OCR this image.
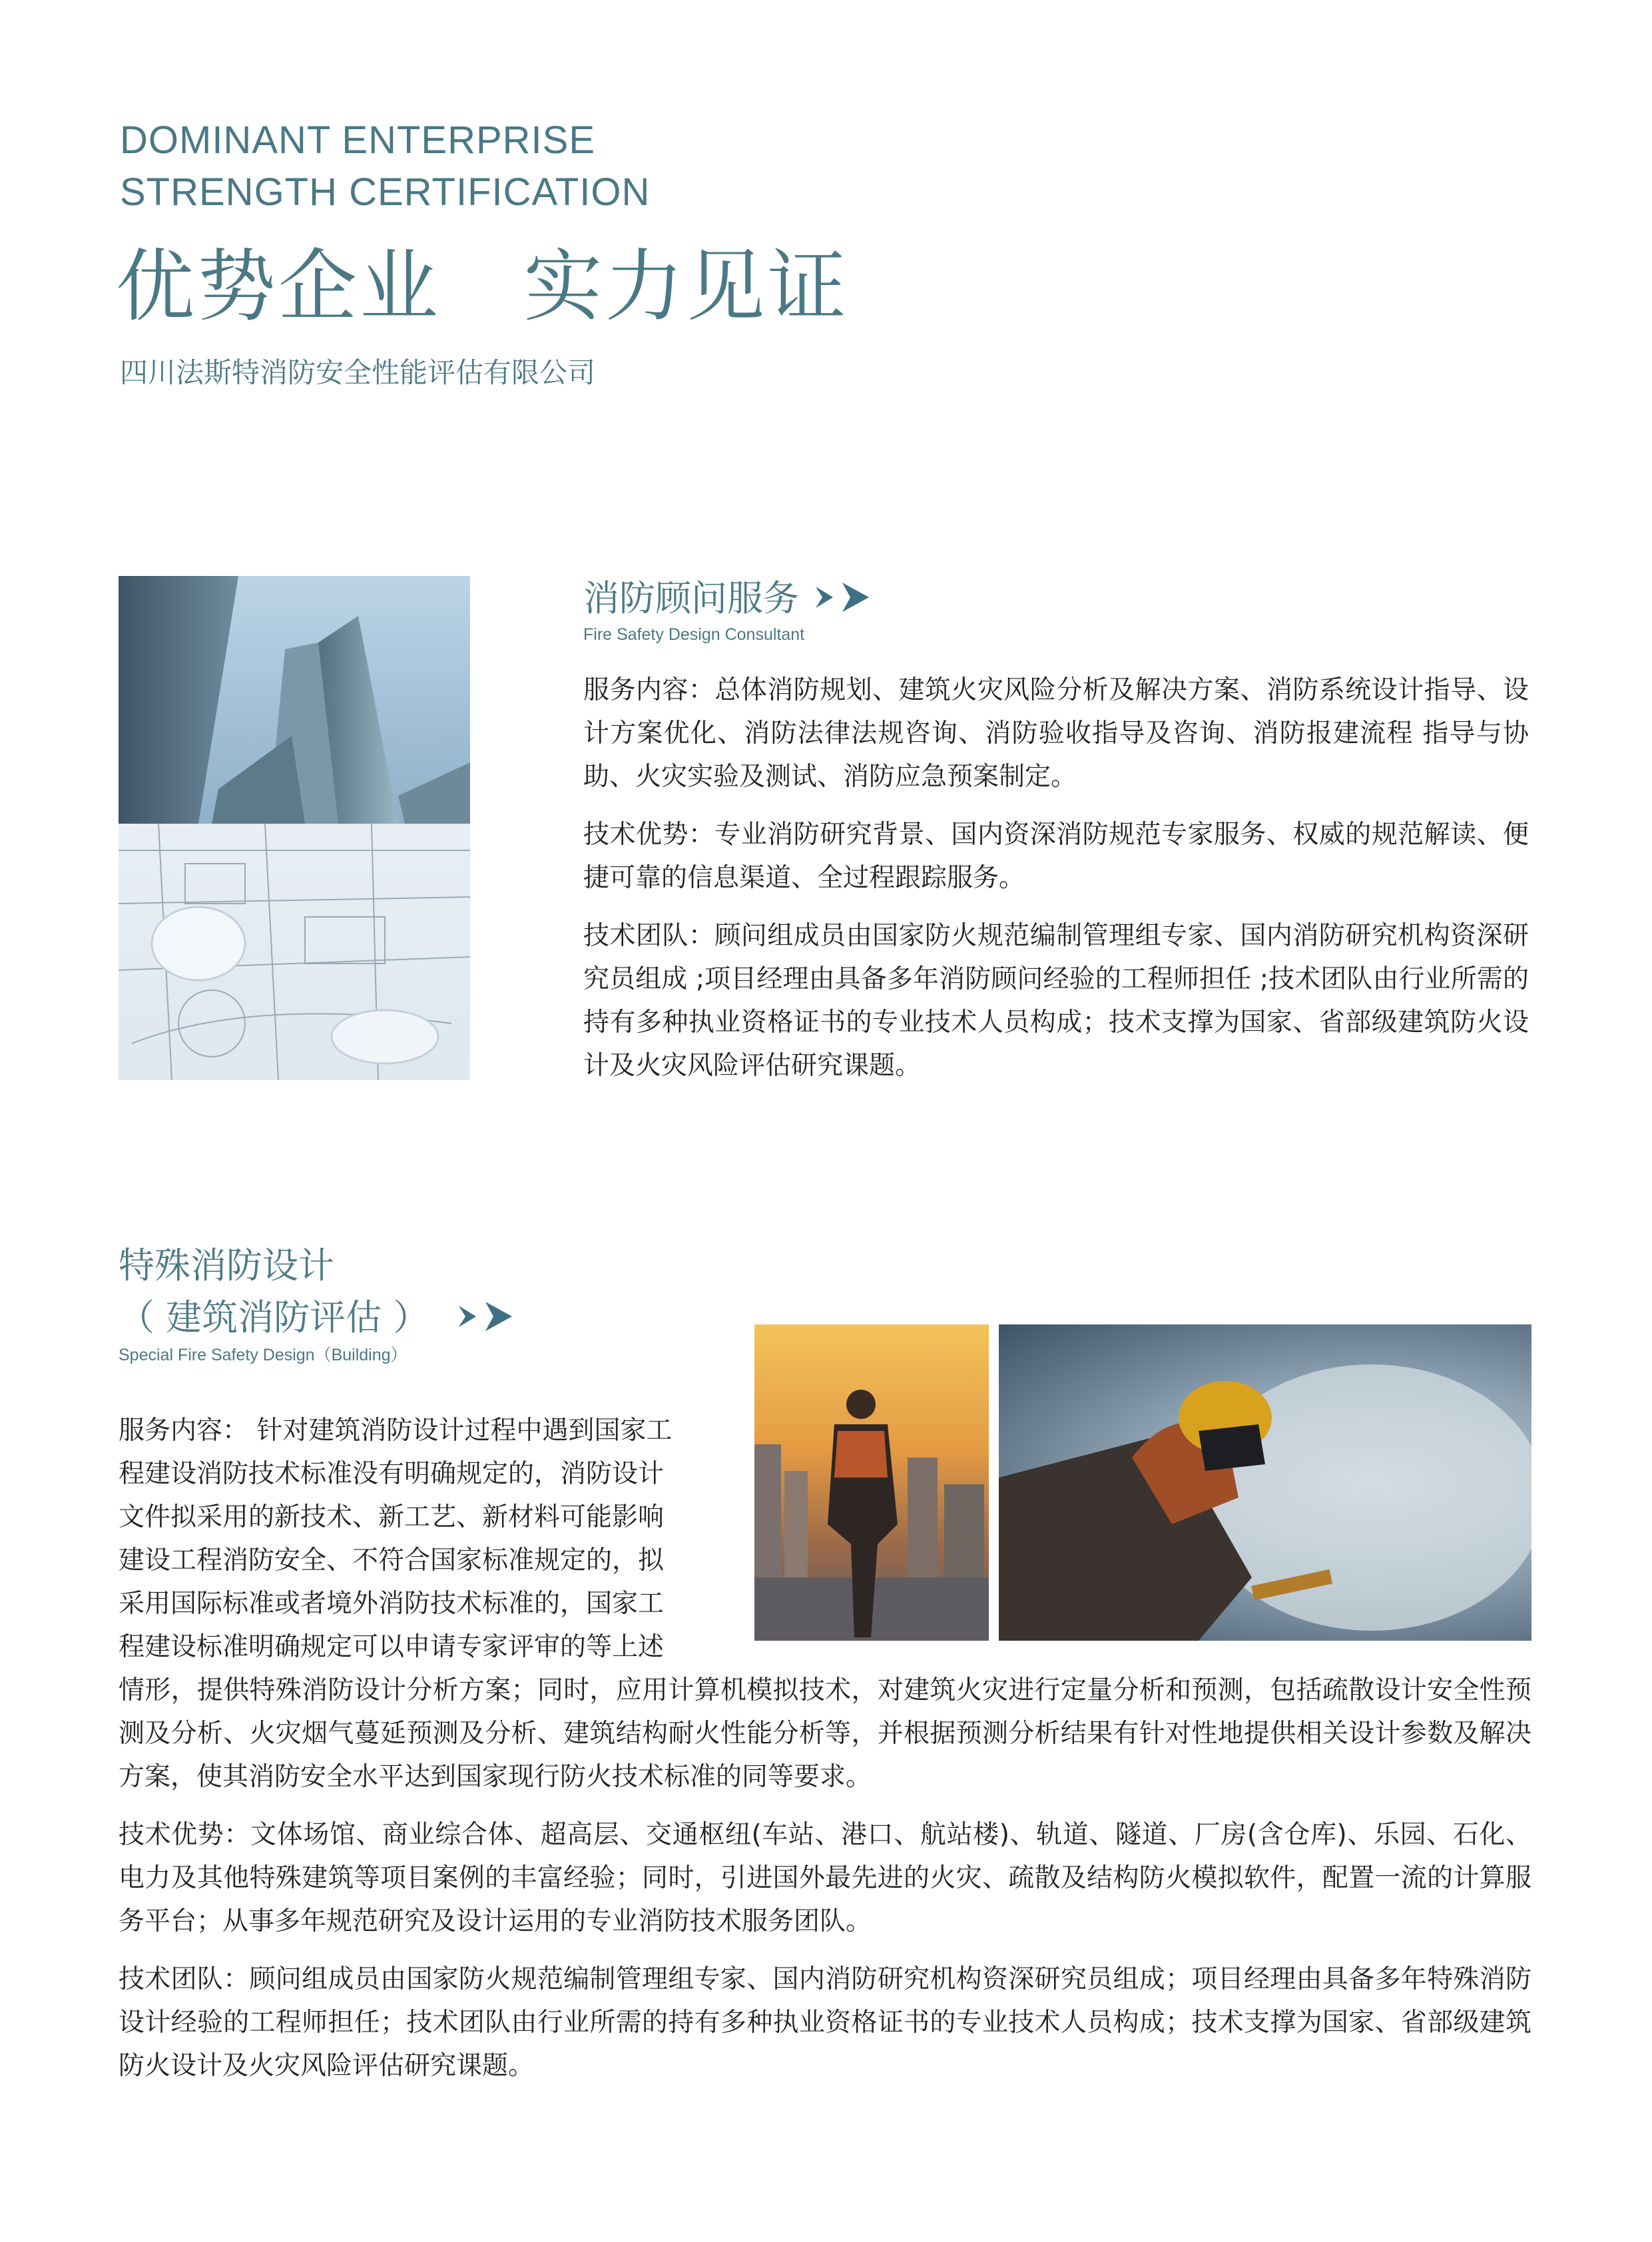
DOMINANT ENTERPRISE
STRENGTH CERTIFICATION
优势企业   实力见证
四川法斯特消防安全性能评估有限公司
消防顾问服务
Fire Safety Design Consultant

服务内容：总体消防规划、建筑火灾风险分析及解决方案、消防系统设计指导、设计方案优化、消防法律法规咨询、消防验收指导及咨询、消防报建流程 指导与协助、火灾实验及测试、消防应急预案制定。

技术优势：专业消防研究背景、国内资深消防规范专家服务、权威的规范解读、便捷可靠的信息渠道、全过程跟踪服务。

技术团队：顾问组成员由国家防火规范编制管理组专家、国内消防研究机构资深研究员组成 ;项目经理由具备多年消防顾问经验的工程师担任 ;技术团队由行业所需的持有多种执业资格证书的专业技术人员构成；技术支撑为国家、省部级建筑防火设计及火灾风险评估研究课题。

特殊消防设计
（ 建筑消防评估 ）
Special Fire Safety Design（Building）
服务内容： 针对建筑消防设计过程中遇到国家工
程建设消防技术标准没有明确规定的，消防设计
文件拟采用的新技术、新工艺、新材料可能影响
建设工程消防安全、不符合国家标准规定的，拟
采用国际标准或者境外消防技术标准的，国家工
程建设标准明确规定可以申请专家评审的等上述

情形，提供特殊消防设计分析方案；同时，应用计算机模拟技术，对建筑火灾进行定量分析和预测，包括疏散设计安全性预测及分析、火灾烟气蔓延预测及分析、建筑结构耐火性能分析等，并根据预测分析结果有针对性地提供相关设计参数及解决方案，使其消防安全水平达到国家现行防火技术标准的同等要求。

技术优势：文体场馆、商业综合体、超高层、交通枢纽(车站、港口、航站楼)、轨道、隧道、厂房(含仓库)、乐园、石化、电力及其他特殊建筑等项目案例的丰富经验；同时，引进国外最先进的火灾、疏散及结构防火模拟软件，配置一流的计算服务平台；从事多年规范研究及设计运用的专业消防技术服务团队。

技术团队：顾问组成员由国家防火规范编制管理组专家、国内消防研究机构资深研究员组成；项目经理由具备多年特殊消防设计经验的工程师担任；技术团队由行业所需的持有多种执业资格证书的专业技术人员构成；技术支撑为国家、省部级建筑防火设计及火灾风险评估研究课题。
